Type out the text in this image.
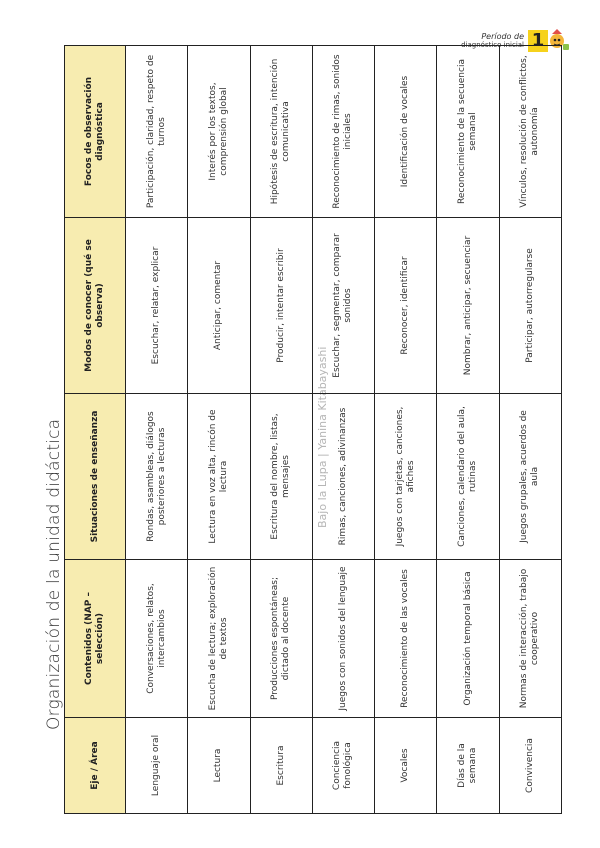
Período de
diagnóstico inicial 1
Organización de la unidad didáctica	Bajo la Lupa | Yanina Kitabayashi
Eje / Área	Contenidos (NAP – selección)	Situaciones de enseñanza	Modos de conocer (qué se observa)	Focos de observación diagnóstica
Lenguaje oral	Conversaciones, relatos, intercambios	Rondas, asambleas, diálogos posteriores a lecturas	Escuchar, relatar, explicar	Participación, claridad, respeto de turnos
Lectura	Escucha de lectura; exploración de textos	Lectura en voz alta, rincón de lectura	Anticipar, comentar	Interés por los textos, comprensión global
Escritura	Producciones espontáneas; dictado al docente	Escritura del nombre, listas, mensajes	Producir, intentar escribir	Hipótesis de escritura, intención comunicativa
Conciencia fonológica	Juegos con sonidos del lenguaje	Rimas, canciones, adivinanzas	Escuchar, segmentar, comparar sonidos	Reconocimiento de rimas, sonidos iniciales
Vocales	Reconocimiento de las vocales	Juegos con tarjetas, canciones, afiches	Reconocer, identificar	Identificación de vocales
Días de la semana	Organización temporal básica	Canciones, calendario del aula, rutinas	Nombrar, anticipar, secuenciar	Reconocimiento de la secuencia semanal
Convivencia	Normas de interacción, trabajo cooperativo	Juegos grupales, acuerdos de aula	Participar, autorregularse	Vínculos, resolución de conflictos, autonomía
